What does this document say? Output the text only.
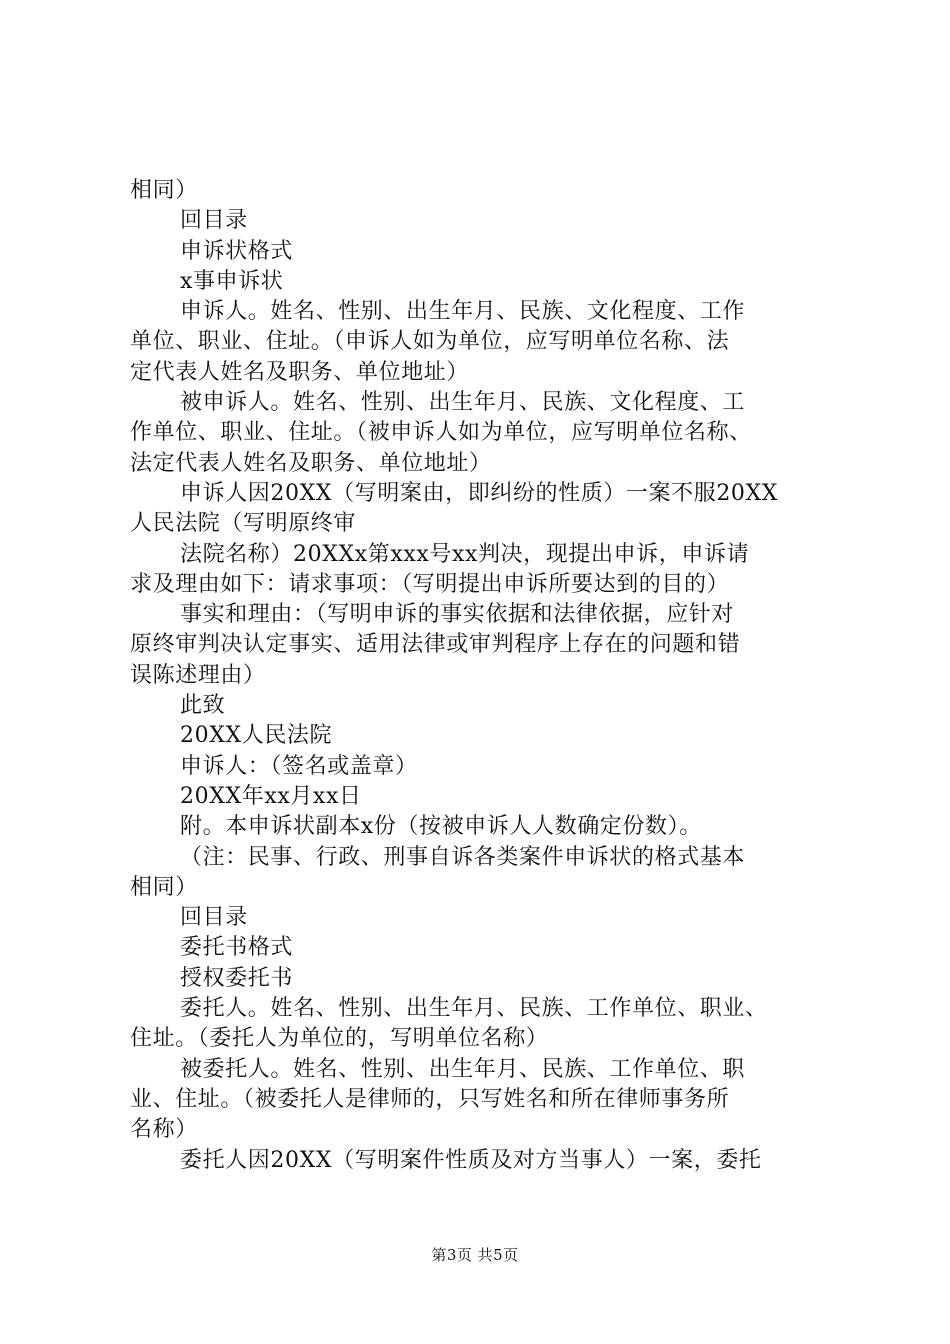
相同）
回目录
申诉状格式
x事申诉状
申诉人。姓名、性别、出生年月、民族、文化程度、工作
单位、职业、住址。（申诉人如为单位，应写明单位名称、法
定代表人姓名及职务、单位地址）
被申诉人。姓名、性别、出生年月、民族、文化程度、工
作单位、职业、住址。（被申诉人如为单位，应写明单位名称、
法定代表人姓名及职务、单位地址）
申诉人因20XX（写明案由，即纠纷的性质）一案不服20XX
人民法院（写明原终审
法院名称）20XXx第xxx号xx判决，现提出申诉，申诉请
求及理由如下：请求事项：（写明提出申诉所要达到的目的）
事实和理由：（写明申诉的事实依据和法律依据，应针对
原终审判决认定事实、适用法律或审判程序上存在的问题和错
误陈述理由）
此致
20XX人民法院
申诉人：（签名或盖章）
20XX年xx月xx日
附。本申诉状副本x份（按被申诉人人数确定份数）。
（注：民事、行政、刑事自诉各类案件申诉状的格式基本
相同）
回目录
委托书格式
授权委托书
委托人。姓名、性别、出生年月、民族、工作单位、职业、
住址。（委托人为单位的，写明单位名称）
被委托人。姓名、性别、出生年月、民族、工作单位、职
业、住址。（被委托人是律师的，只写姓名和所在律师事务所
名称）
委托人因20XX（写明案件性质及对方当事人）一案，委托
第3页 共5页
